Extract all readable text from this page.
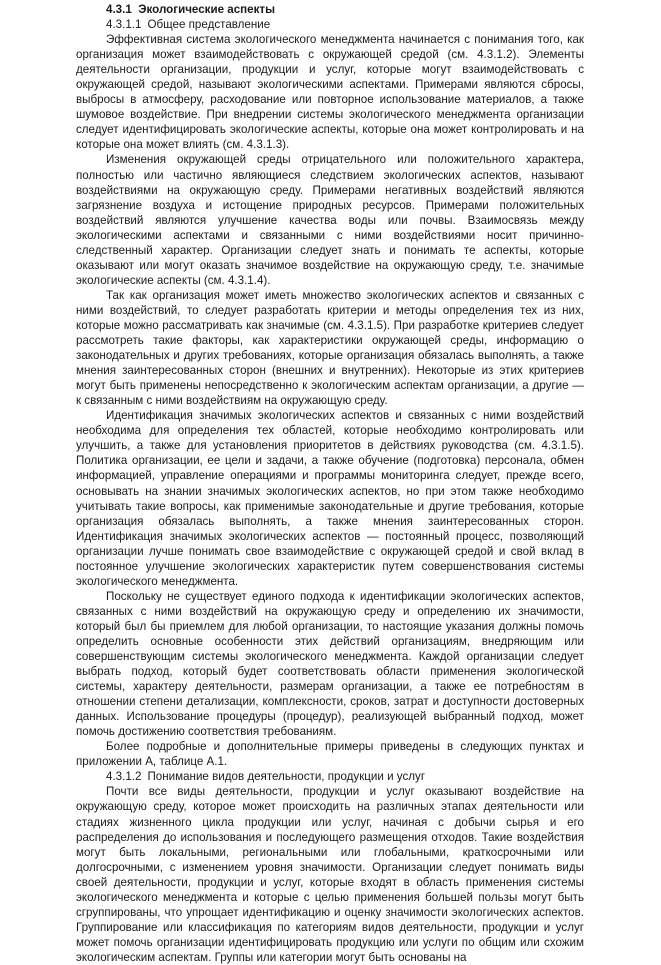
4.3.1 Экологические аспекты

4.3.1.1 Общее представление

Эффективная система экологического менеджмента начинается с понимания того, как организация может взаимодействовать с окружающей средой (см. 4.3.1.2). Элементы деятельности организации, продукции и услуг, которые могут взаимодействовать с окружающей средой, называют экологическими аспектами. Примерами являются сбросы, выбросы в атмосферу, расходование или повторное использование материалов, а также шумовое воздействие. При внедрении системы экологического менеджмента организации следует идентифицировать экологические аспекты, которые она может контролировать и на которые она может влиять (см. 4.3.1.3).

Изменения окружающей среды отрицательного или положительного характера, полностью или частично являющиеся следствием экологических аспектов, называют воздействиями на окружающую среду. Примерами негативных воздействий являются загрязнение воздуха и истощение природных ресурсов. Примерами положительных воздействий являются улучшение качества воды или почвы. Взаимосвязь между экологическими аспектами и связанными с ними воздействиями носит причинно-следственный характер. Организации следует знать и понимать те аспекты, которые оказывают или могут оказать значимое воздействие на окружающую среду, т.е. значимые экологические аспекты (см. 4.3.1.4).

Так как организация может иметь множество экологических аспектов и связанных с ними воздействий, то следует разработать критерии и методы определения тех из них, которые можно рассматривать как значимые (см. 4.3.1.5). При разработке критериев следует рассмотреть такие факторы, как характеристики окружающей среды, информацию о законодательных и других требованиях, которые организация обязалась выполнять, а также мнения заинтересованных сторон (внешних и внутренних). Некоторые из этих критериев могут быть применены непосредственно к экологическим аспектам организации, а другие — к связанным с ними воздействиям на окружающую среду.

Идентификация значимых экологических аспектов и связанных с ними воздействий необходима для определения тех областей, которые необходимо контролировать или улучшить, а также для установления приоритетов в действиях руководства (см. 4.3.1.5). Политика организации, ее цели и задачи, а также обучение (подготовка) персонала, обмен информацией, управление операциями и программы мониторинга следует, прежде всего, основывать на знании значимых экологических аспектов, но при этом также необходимо учитывать такие вопросы, как применимые законодательные и другие требования, которые организация обязалась выполнять, а также мнения заинтересованных сторон. Идентификация значимых экологических аспектов — постоянный процесс, позволяющий организации лучше понимать свое взаимодействие с окружающей средой и свой вклад в постоянное улучшение экологических характеристик путем совершенствования системы экологического менеджмента.

Поскольку не существует единого подхода к идентификации экологических аспектов, связанных с ними воздействий на окружающую среду и определению их значимости, который был бы приемлем для любой организации, то настоящие указания должны помочь определить основные особенности этих действий организациям, внедряющим или совершенствующим системы экологического менеджмента. Каждой организации следует выбрать подход, который будет соответствовать области применения экологической системы, характеру деятельности, размерам организации, а также ее потребностям в отношении степени детализации, комплексности, сроков, затрат и доступности достоверных данных. Использование процедуры (процедур), реализующей выбранный подход, может помочь достижению соответствия требованиям.

Более подробные и дополнительные примеры приведены в следующих пунктах и приложении А, таблице А.1.

4.3.1.2 Понимание видов деятельности, продукции и услуг

Почти все виды деятельности, продукции и услуг оказывают воздействие на окружающую среду, которое может происходить на различных этапах деятельности или стадиях жизненного цикла продукции или услуг, начиная с добычи сырья и его распределения до использования и последующего размещения отходов. Такие воздействия могут быть локальными, региональными или глобальными, краткосрочными или долгосрочными, с изменением уровня значимости. Организации следует понимать виды своей деятельности, продукции и услуг, которые входят в область применения системы экологического менеджмента и которые с целью применения большей пользы могут быть сгруппированы, что упрощает идентификацию и оценку значимости экологических аспектов. Группирование или классификация по категориям видов деятельности, продукции и услуг может помочь организации идентифицировать продукцию или услуги по общим или схожим экологическим аспектам. Группы или категории могут быть основаны на
